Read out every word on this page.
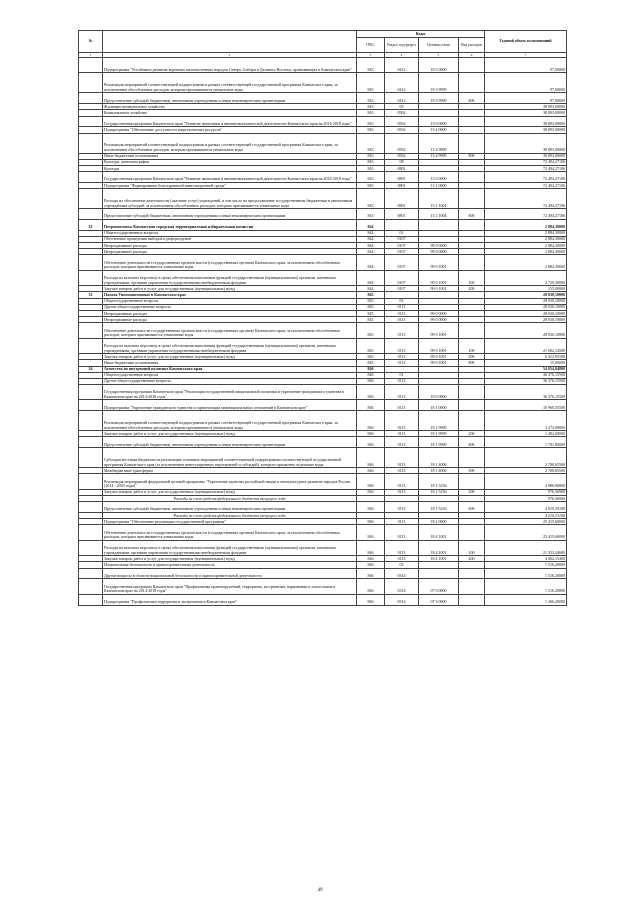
№		Коды				Годовой объем ассигнований
		ГРБС	Раздел, под-раздел	Целевая статья	Вид расходов	
1	2	3	4	5	6	7
	Подпрограмма "Устойчивое развитие коренных малочисленных народов Севера, Сибири и Дальнего Востока, проживающих в Камчатском крае"	843	0412	18 3 0000		97,00000
	Реализация мероприятий соответствующей подпрограммы в рамках соответствующей государственной программы Камчатского края, за исключением обособленных расходов, которым присваиваются уникальные коды	843	0412	18 3 9999		97,00000
	Предоставление субсидий бюджетным, автономным учреждениям и иным некоммерческим организациям	843	0412	18 3 9999	600	97,00000
	Жилищно-коммунальное хозяйство	843	05			38 893,00000
	Коммунальное хозяйство	843	0502			38 893,00000
	Государственная программа Камчатского края "Развитие экономики и внешнеэкономической деятельности Камчатского края на 2014-2018 годы"	843	0502	13 0 0000		38 893,00000
	Подпрограмма "Обеспечение доступности энергетических ресурсов"	843	0502	13 4 0000		38 893,00000
	Реализация мероприятий соответствующей подпрограммы в рамках соответствующей государственной программы Камчатского края, за исключением обособленных расходов, которым присваиваются уникальные коды	843	0502	13 4 9999		38 893,00000
	Иные бюджетные ассигнования	843	0502	13 4 9999	800	38 893,00000
	Культура, кинематография	843	08			72 494,27106
	Культура	843	0801			72 494,27106
	Государственная программа Камчатского края "Развитие экономики и внешнеэкономической деятельности Камчатского края на 2014-2018 годы"	843	0801	13 0 0000		72 494,27106
	Подпрограмма "Формирование благоприятной инвестиционной среды"	843	0801	13 1 0000		72 494,27106
	Расходы на обеспечение деятельности (оказание услуг) учреждений, в том числе на предоставление государственным бюджетным и автономным учреждениям субсидий, за исключением обособленных расходов, которым присваиваются уникальные коды	843	0801	13 1 1004		72 494,27106
	Предоставление субсидий бюджетным, автономным учреждениям и иным некоммерческим организациям	843	0801	13 1 1004	600	72 494,27106
32	Петропавловск-Камчатская городская территориальная избирательная комиссия	844				2 884,30000
	Общегосударственные вопросы	844	01			2 884,30000
	Обеспечение проведения выборов и референдумов	844	0107			2 884,30000
	Непрограммные расходы	844	0107	99 0 0000		2 884,30000
	Непрограммные расходы	844	0107	99 0 0000		2 884,30000
	Обеспечение деятельности государственных органов власти (государственных органов) Камчатского края, за исключением обособленных расходов, которым присваиваются уникальные коды	844	0107	99 0 1001		2 884,30000
	Расходы на выплаты персоналу в целях обеспечения выполнения функций государственными (муниципальными) органами, казенными учреждениями, органами управления государственными внебюджетными фондами	844	0107	99 0 1001	100	2 729,30000
	Закупка товаров, работ и услуг для государственных (муниципальных) нужд	844	0107	99 0 1001	200	155,00000
33	Палата Уполномоченных в Камчатском крае	845				28 030,10000
	Общегосударственные вопросы	845	01			28 030,10000
	Другие общегосударственные вопросы	845	0113			28 030,10000
	Непрограммные расходы	845	0113	99 0 0000		28 030,10000
	Непрограммные расходы	845	0113	99 0 0000		28 030,10000
	Обеспечение деятельности государственных органов власти (государственных органов) Камчатского края, за исключением обособленных расходов, которым присваиваются уникальные коды	845	0113	99 0 1001		28 030,10000
	Расходы на выплаты персоналу в целях обеспечения выполнения функций государственными (муниципальными) органами, казенными учреждениями, органами управления государственными внебюджетными фондами	845	0113	99 0 1001	100	21 602,14500
	Закупка товаров, работ и услуг для государственных (муниципальных) нужд	845	0113	99 0 1001	200	6 412,95500
	Иные бюджетные ассигнования	845	0113	99 0 1001	800	15,00000
34	Агентство по внутренней политике Камчатского края	846				54 054,04800
	Общегосударственные вопросы	846	01			36 376,15500
	Другие общегосударственные вопросы	846	0113			36 376,15500
	Государственная программа Камчатского края "Реализация государственной национальной политики и укрепление гражданского единства в Камчатском крае на 2014-2018 годы"	846	0113	18 0 0000		36 376,15500
	Подпрограмма "Укрепление гражданского единства и гармонизация межнациональных отношений в Камчатском крае"	846	0113	18 1 0000		10 960,55500
	Реализация мероприятий соответствующей подпрограммы в рамках соответствующей государственной программы Камчатского края, за исключением обособленных расходов, которым присваиваются уникальные коды	846	0113	18 1 9999		3 273,00000
	Закупка товаров, работ и услуг для государственных (муниципальных) нужд	846	0113	18 1 9999	200	1 482,00000
	Предоставление субсидий бюджетным, автономным учреждениям и иным некоммерческим организациям	846	0113	18 1 9999	600	1 791,00000
	Субсидии местным бюджетам на реализацию основных мероприятий соответствующей подпрограммы соответствующей государственной программы Камчатского края (за исключением инвестиционных мероприятий и субсидий), которым присвоены отдельные коды	846	0113	18 1 4006		2 700,65500
	Межбюджетные трансферты	846	0113	18 1 4006	500	2 700,65500
	Реализация мероприятий федеральной целевой программы "Укрепление единства российской нации и этнокультурное развитие народов России (2014 - 2020 годы)"	846	0113	18 1 5236		4 986,90000
	Закупка товаров, работ и услуг для государственных (муниципальных) нужд	846	0113	18 1 5236	200	976,56900
	Расходы за счет средств федерального бюджета текущего года					976,56900
	Предоставление субсидий бюджетным, автономным учреждениям и иным некоммерческим организациям	846	0113	18 1 5236	600	4 010,33100
	Расходы за счет средств федерального бюджета текущего года					4 010,33100
	Подпрограмма "Обеспечение реализации государственной программы"	846	0113	18 4 0000		25 415,60000
	Обеспечение деятельности государственных органов власти (государственных органов) Камчатского края, за исключением обособленных расходов, которым присваиваются уникальные коды	846	0113	18 4 1001		25 415,60000
	Расходы на выплаты персоналу в целях обеспечения выполнения функций государственными (муниципальными) органами, казенными учреждениями, органами управления государственными внебюджетными фондами	846	0113	18 4 1001	100	21 353,44600
	Закупка товаров, работ и услуг для государственных (муниципальных) нужд	846	0113	18 4 1001	200	4 062,15400
	Национальная безопасность и правоохранительная деятельность	846	03			1 516,20000
	Другие вопросы в области национальной безопасности и правоохранительной деятельности	846	0314			1 516,20000
	Государственная программа Камчатского края "Профилактика правонарушений, терроризма, экстремизма, наркомании и алкоголизма в Камчатском крае на 2014-2018 годы"	846	0314	07 0 0000		1 516,20000
	Подпрограмма "Профилактика терроризма и экстремизма в Камчатском крае"	846	0314	07 3 0000		1 266,20000
49
